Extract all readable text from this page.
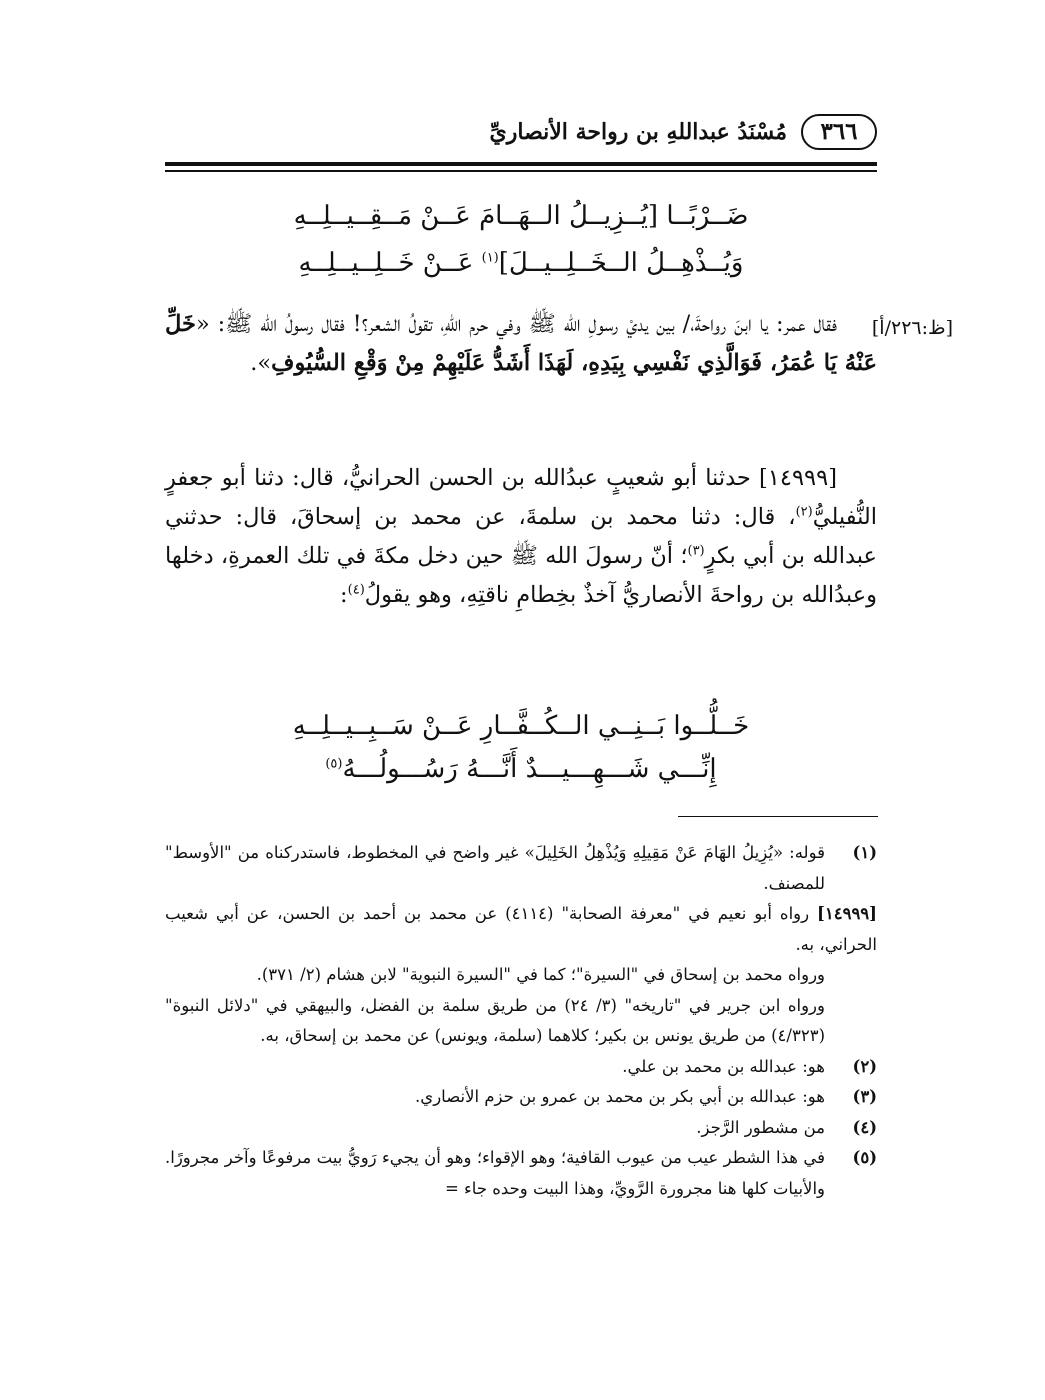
٣٦٦
مُسْنَدُ عبداللهِ بن رواحة الأنصاريِّ
ضَــرْبًــا [يُــزِيــلُ الــهَــامَ عَــنْ مَــقِــيــلِــهِ
وَيُــذْهِــلُ الــخَــلِــيــلَ]$^{(١)}$ عَــنْ خَــلِــيــلِــهِ
[ظ:٢٢٦/أ]
فقال عمر: يا ابنَ رواحةَ،/ بين يديْ رسولِ الله ﷺ وفي حرم اللهِ، تقولُ الشعر؟! فقال رسولُ الله ﷺ: «خَلِّ عَنْهُ يَا عُمَرُ، فَوَالَّذِي نَفْسِي بِيَدِهِ، لَهَذَا أَشَدُّ عَلَيْهِمْ مِنْ وَقْعِ السُّيُوفِ».
[١٤٩٩٩] حدثنا أبو شعيبٍ عبدُالله بن الحسن الحرانيُّ، قال: دثنا أبو جعفرٍ النُّفيليُّ$^{(٢)}$، قال: دثنا محمد بن سلمةَ، عن محمد بن إسحاقَ، قال: حدثني عبدالله بن أبي بكرٍ$^{(٣)}$؛ أنّ رسولَ الله ﷺ حين دخل مكةَ في تلك العمرةِ، دخلها وعبدُالله بن رواحةَ الأنصاريُّ آخذٌ بخِطامِ ناقتِهِ، وهو يقولُ$^{(٤)}$:
خَــلُّــوا بَــنِــي الــكُــفَّــارِ عَــنْ سَــبِــيــلِــهِ
إِنِّـــي شَـــهِـــيـــدٌ أَنَّـــهُ رَسُـــولُـــهُ$^{(٥)}$
(١)
قوله: «يُزِيلُ الهَامَ عَنْ مَقِيلِهِ وَيُذْهِلُ الخَلِيلَ» غير واضح في المخطوط، فاستدركناه من "الأوسط" للمصنف.
[١٤٩٩٩] رواه أبو نعيم في "معرفة الصحابة" (٤١١٤) عن محمد بن أحمد بن الحسن، عن أبي شعيب الحراني، به.
ورواه محمد بن إسحاق في "السيرة"؛ كما في "السيرة النبوية" لابن هشام (٢/ ٣٧١).
ورواه ابن جرير في "تاريخه" (٣/ ٢٤) من طريق سلمة بن الفضل، والبيهقي في "دلائل النبوة" (٤/٣٢٣) من طريق يونس بن بكير؛ كلاهما (سلمة، ويونس) عن محمد بن إسحاق، به.
(٢)
هو: عبدالله بن محمد بن علي.
(٣)
هو: عبدالله بن أبي بكر بن محمد بن عمرو بن حزم الأنصاري.
(٤)
من مشطور الرَّجز.
(٥)
في هذا الشطر عيب من عيوب القافية؛ وهو الإقواء؛ وهو أن يجيء رَويُّ بيت مرفوعًا وآخر مجرورًا. والأبيات كلها هنا مجرورة الرَّويِّ، وهذا البيت وحده جاء =
